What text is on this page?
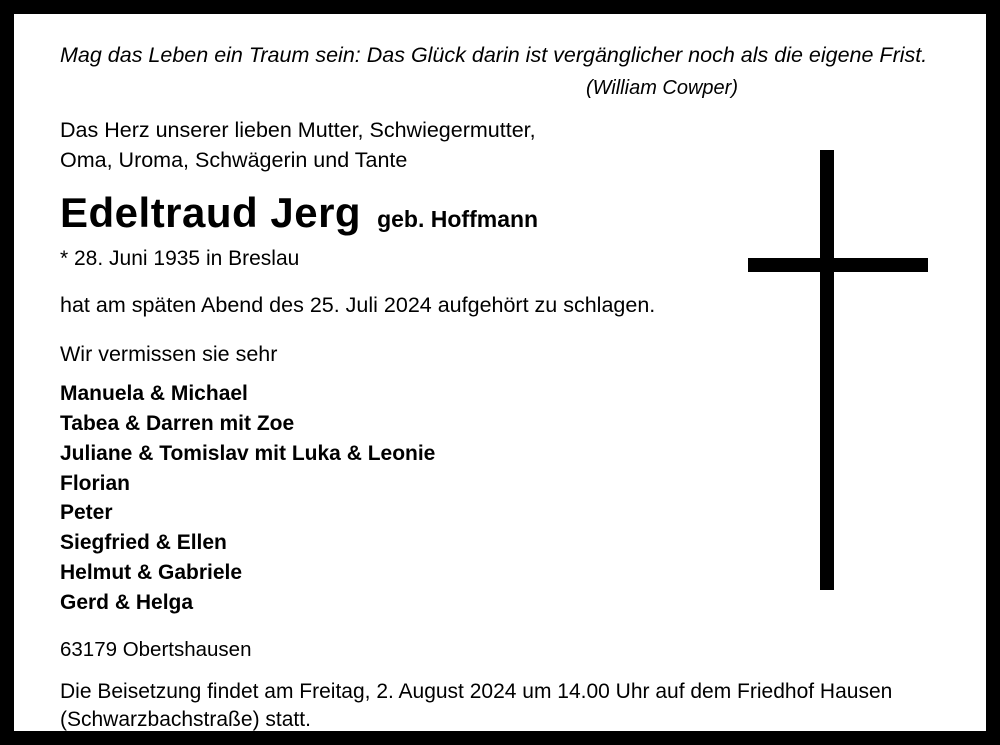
Mag das Leben ein Traum sein: Das Glück darin ist vergänglicher noch als die eigene Frist.
(William Cowper)
Das Herz unserer lieben Mutter, Schwiegermutter,
Oma, Uroma, Schwägerin und Tante
Edeltraud Jerg geb. Hoffmann
* 28. Juni 1935 in Breslau
hat am späten Abend des 25. Juli 2024 aufgehört zu schlagen.
Wir vermissen sie sehr
Manuela & Michael
Tabea & Darren mit Zoe
Juliane & Tomislav mit Luka & Leonie
Florian
Peter
Siegfried & Ellen
Helmut & Gabriele
Gerd & Helga
63179 Obertshausen
Die Beisetzung findet am Freitag, 2. August 2024 um 14.00 Uhr auf dem Friedhof Hausen
(Schwarzbachstraße) statt.
